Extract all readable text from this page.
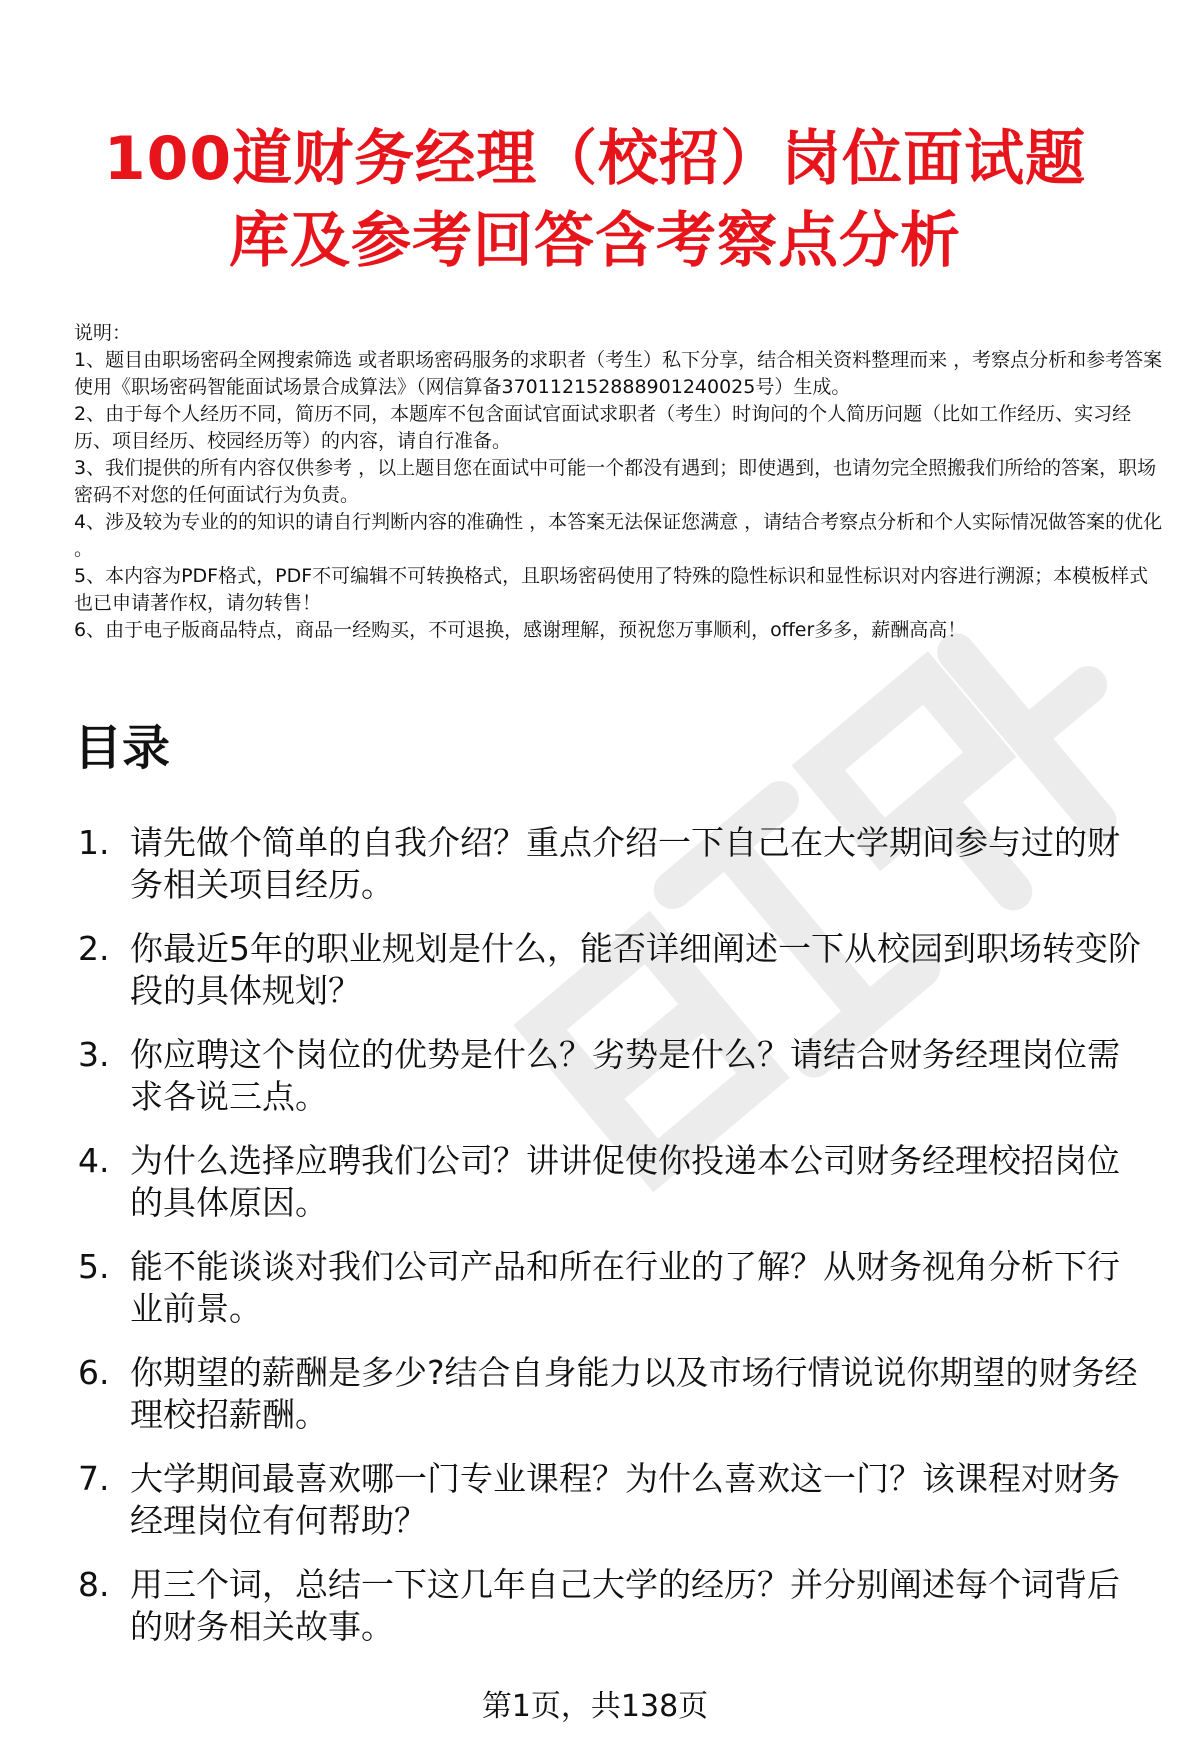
100道财务经理（校招）岗位面试题
库及参考回答含考察点分析
说明：
1、题目由职场密码全网搜索筛选 或者职场密码服务的求职者（考生）私下分享，结合相关资料整理而来 ，考察点分析和参考答案使用《职场密码智能面试场景合成算法》（网信算备370112152888901240025号）生成。
2、由于每个人经历不同，简历不同，本题库不包含面试官面试求职者（考生）时询问的个人简历问题（比如工作经历、实习经历、项目经历、校园经历等）的内容，请自行准备。
3、我们提供的所有内容仅供参考 ，以上题目您在面试中可能一个都没有遇到；即使遇到，也请勿完全照搬我们所给的答案，职场密码不对您的任何面试行为负责。
4、涉及较为专业的的知识的请自行判断内容的准确性 ，本答案无法保证您满意 ，请结合考察点分析和个人实际情况做答案的优化 。
5、本内容为PDF格式，PDF不可编辑不可转换格式，且职场密码使用了特殊的隐性标识和显性标识对内容进行溯源；本模板样式也已申请著作权，请勿转售！
6、由于电子版商品特点，商品一经购买，不可退换，感谢理解，预祝您万事顺利，offer多多，薪酬高高！
目录
1. 请先做个简单的自我介绍？重点介绍一下自己在大学期间参与过的财务相关项目经历。
2. 你最近5年的职业规划是什么，能否详细阐述一下从校园到职场转变阶段的具体规划？
3. 你应聘这个岗位的优势是什么？劣势是什么？请结合财务经理岗位需求各说三点。
4. 为什么选择应聘我们公司？讲讲促使你投递本公司财务经理校招岗位的具体原因。
5. 能不能谈谈对我们公司产品和所在行业的了解？从财务视角分析下行业前景。
6. 你期望的薪酬是多少?结合自身能力以及市场行情说说你期望的财务经理校招薪酬。
7. 大学期间最喜欢哪一门专业课程？为什么喜欢这一门？该课程对财务经理岗位有何帮助？
8. 用三个词，总结一下这几年自己大学的经历？并分别阐述每个词背后的财务相关故事。
第1页，共138页
